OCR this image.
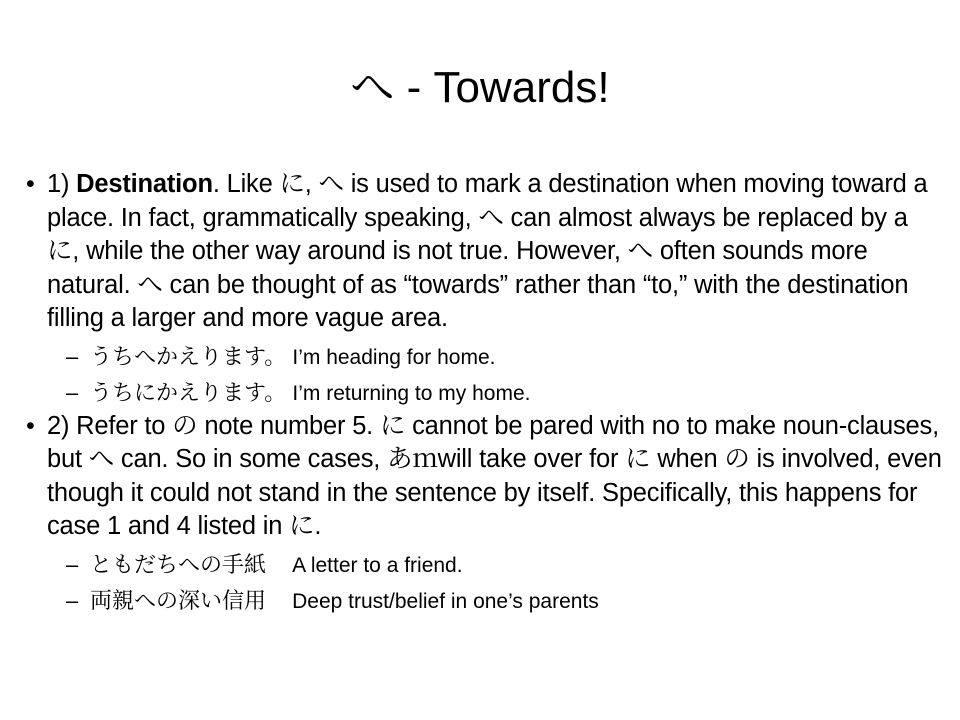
へ - Towards!
• 1) Destination. Like に, へ is used to mark a destination when moving toward a place. In fact, grammatically speaking, へ can almost always be replaced by a に, while the other way around is not true. However, へ often sounds more natural. へ can be thought of as “towards” rather than “to,” with the destination filling a larger and more vague area.
– うちへかえります。 I’m heading for home.
– うちにかえります。 I’m returning to my home.
• 2) Refer to の note number 5. に cannot be pared with no to make noun-clauses, but へ can. So in some cases, あｍwill take over for に when の is involved, even though it could not stand in the sentence by itself. Specifically, this happens for case 1 and 4 listed in に.
– ともだちへの手紙 A letter to a friend.
– 両親への深い信用 Deep trust/belief in one’s parents
